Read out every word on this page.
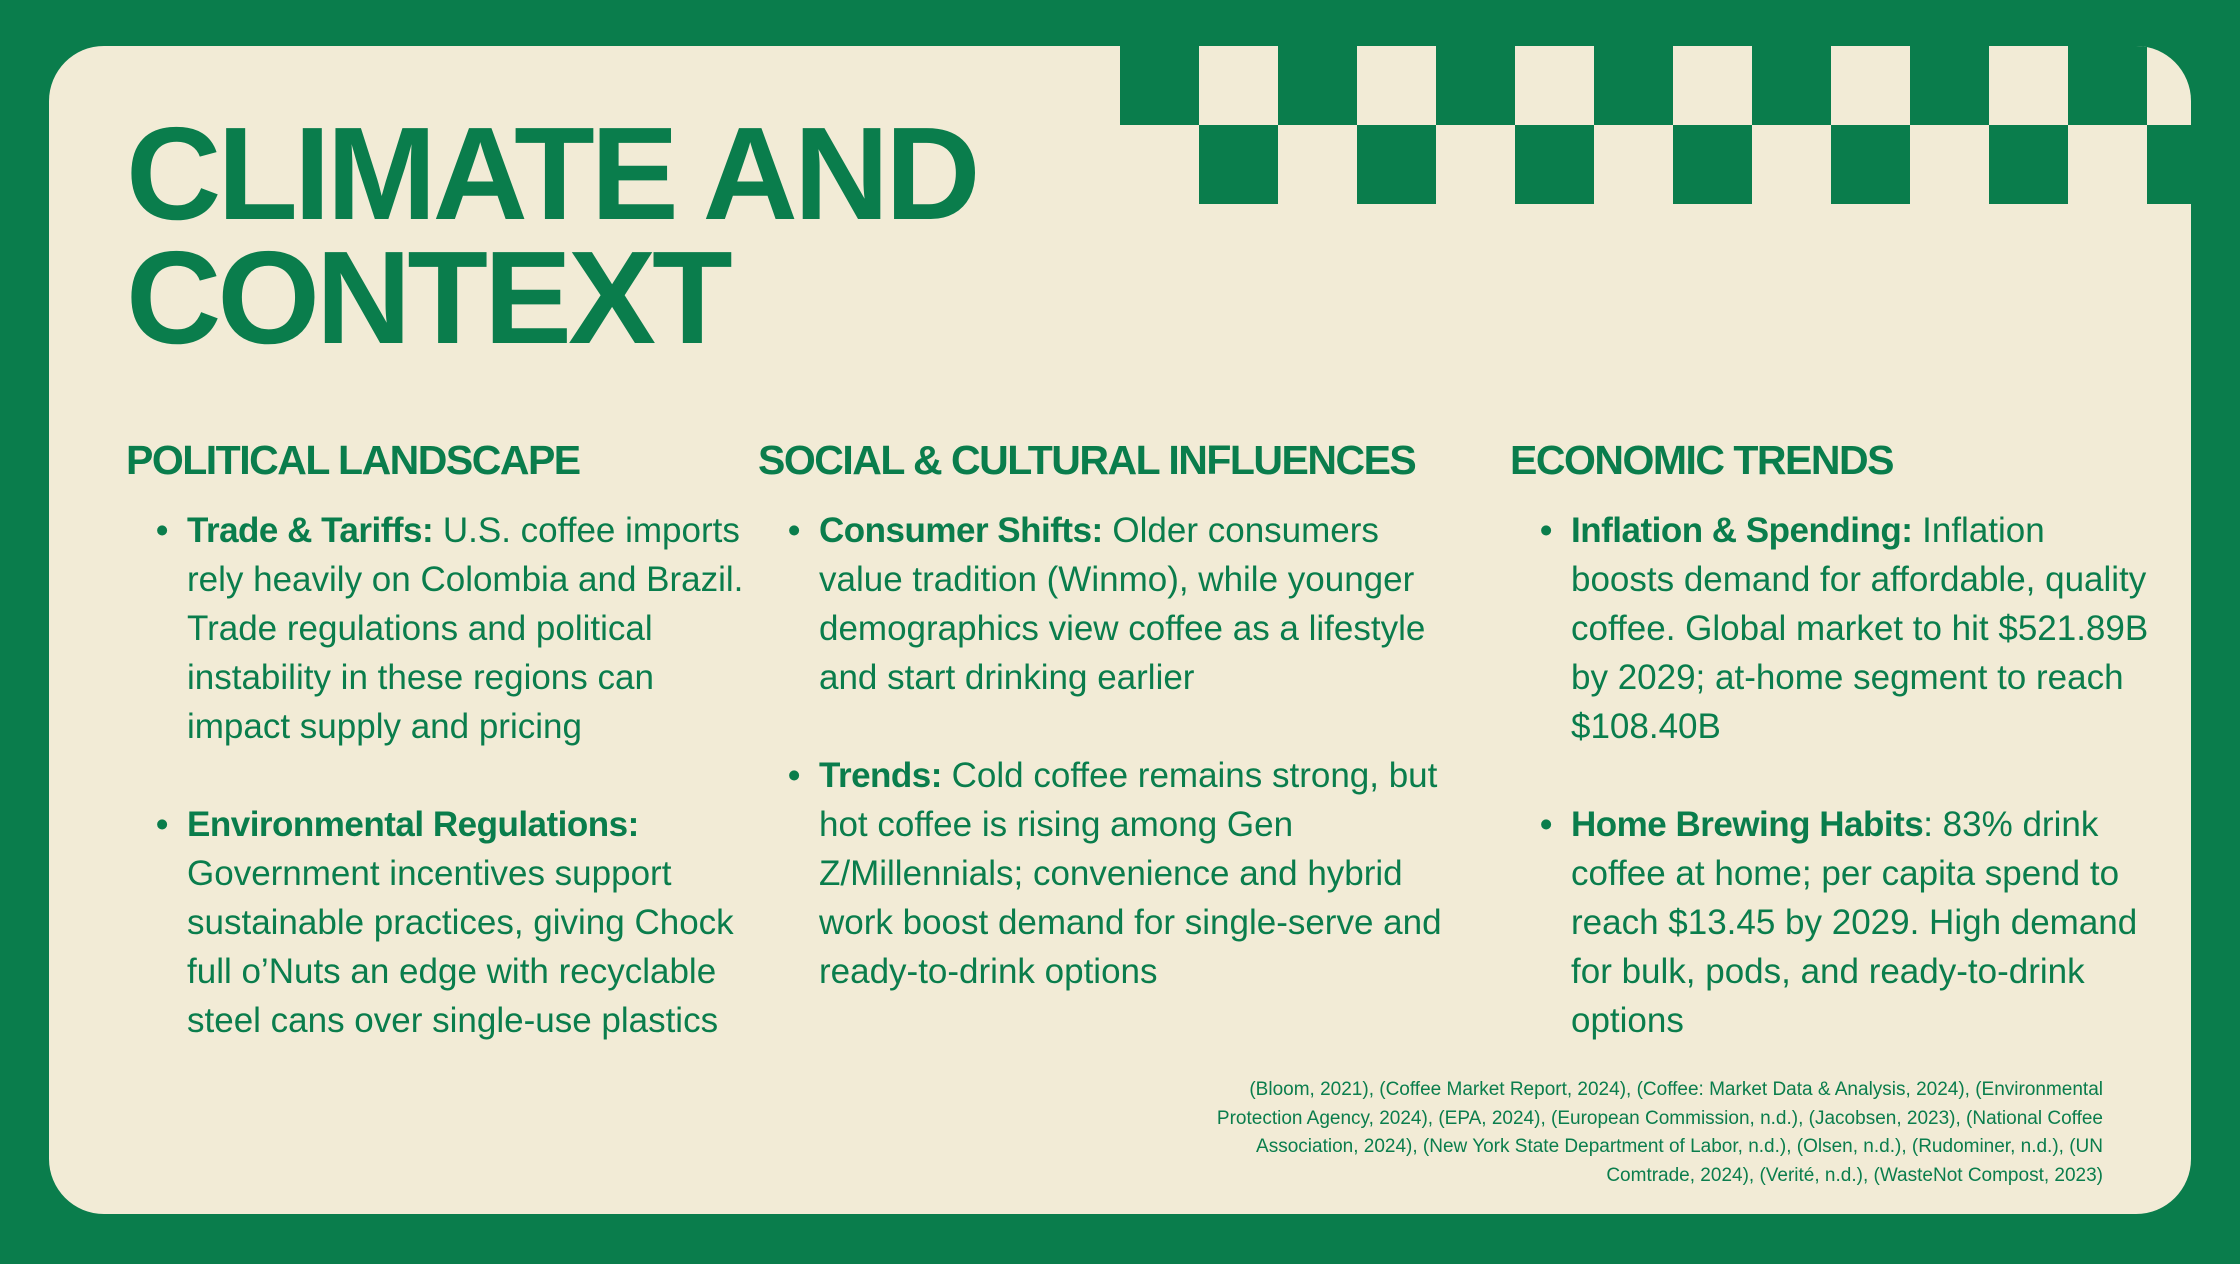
CLIMATE AND
CONTEXT
POLITICAL LANDSCAPE
• Trade & Tariffs: U.S. coffee imports rely heavily on Colombia and Brazil. Trade regulations and political instability in these regions can impact supply and pricing
• Environmental Regulations: Government incentives support sustainable practices, giving Chock full o’Nuts an edge with recyclable steel cans over single-use plastics
SOCIAL & CULTURAL INFLUENCES
• Consumer Shifts: Older consumers value tradition (Winmo), while younger demographics view coffee as a lifestyle and start drinking earlier
• Trends: Cold coffee remains strong, but hot coffee is rising among Gen Z/Millennials; convenience and hybrid work boost demand for single-serve and ready-to-drink options
ECONOMIC TRENDS
• Inflation & Spending: Inflation boosts demand for affordable, quality coffee. Global market to hit $521.89B by 2029; at-home segment to reach $108.40B
• Home Brewing Habits: 83% drink coffee at home; per capita spend to reach $13.45 by 2029. High demand for bulk, pods, and ready-to-drink options

(Bloom, 2021), (Coffee Market Report, 2024), (Coffee: Market Data & Analysis, 2024), (Environmental Protection Agency, 2024), (EPA, 2024), (European Commission, n.d.), (Jacobsen, 2023), (National Coffee Association, 2024), (New York State Department of Labor, n.d.), (Olsen, n.d.), (Rudominer, n.d.), (UN Comtrade, 2024), (Verité, n.d.), (WasteNot Compost, 2023)
